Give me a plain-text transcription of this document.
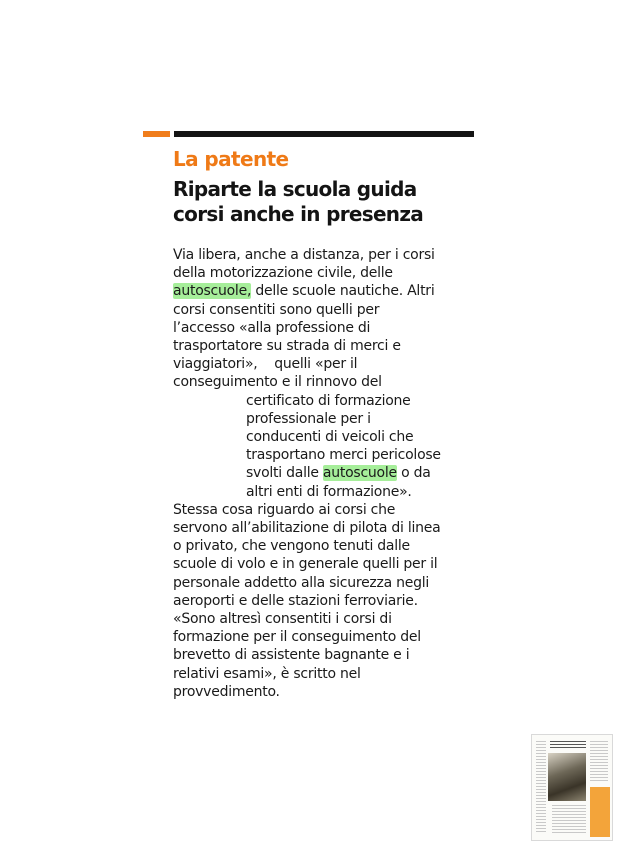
La patente
Riparte la scuola guida
corsi anche in presenza
Via libera, anche a distanza, per i corsi
della motorizzazione civile, delle
autoscuole, delle scuole nautiche. Altri
corsi consentiti sono quelli per
l’accesso «alla professione di
trasportatore su strada di merci e
viaggiatori»,    quelli «per il
conseguimento e il rinnovo del
certificato di formazione
professionale per i
conducenti di veicoli che
trasportano merci pericolose
svolti dalle autoscuole o da
altri enti di formazione».
Stessa cosa riguardo ai corsi che
servono all’abilitazione di pilota di linea
o privato, che vengono tenuti dalle
scuole di volo e in generale quelli per il
personale addetto alla sicurezza negli
aeroporti e delle stazioni ferroviarie.
«Sono altresì consentiti i corsi di
formazione per il conseguimento del
brevetto di assistente bagnante e i
relativi esami», è scritto nel
provvedimento.
